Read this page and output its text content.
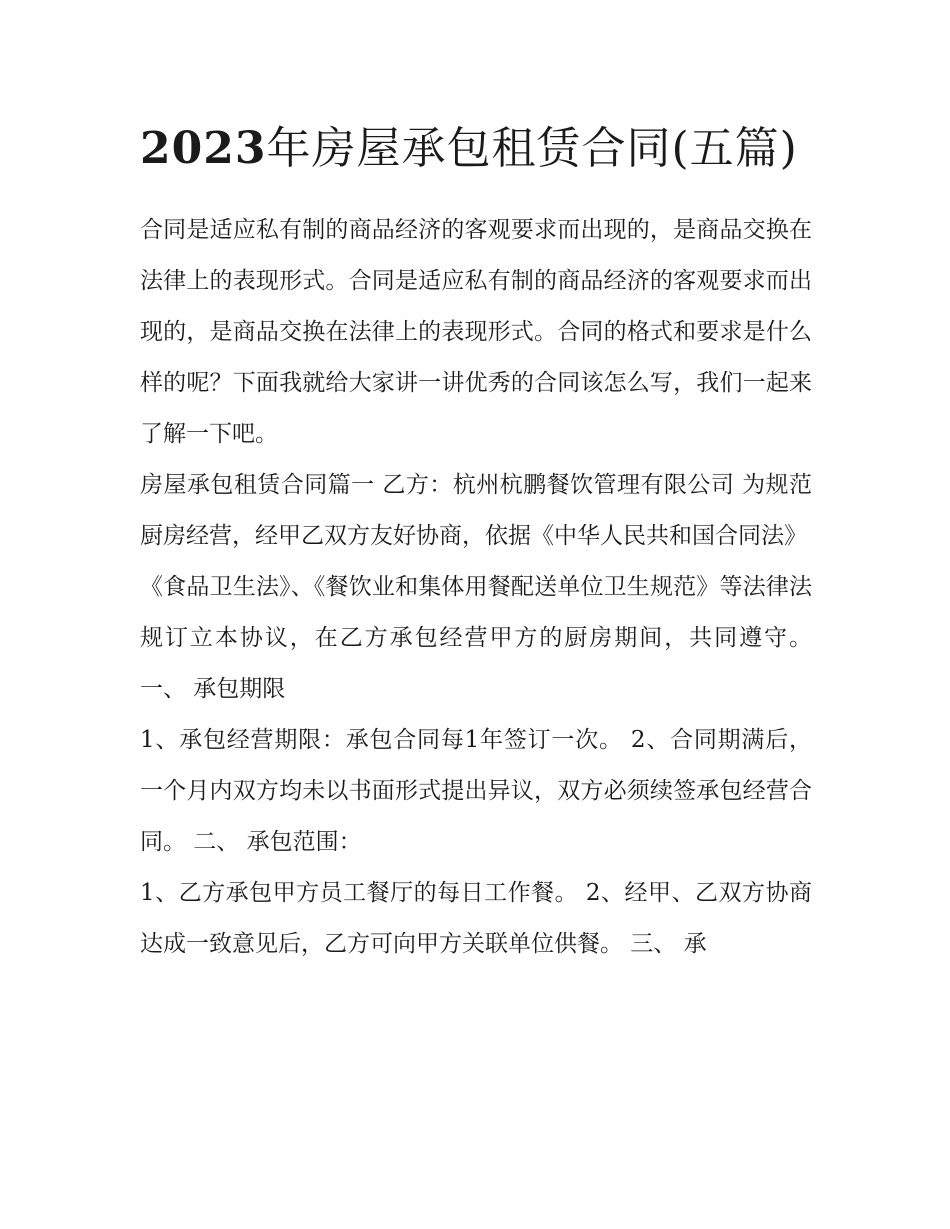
2023年房屋承包租赁合同(五篇)

合同是适应私有制的商品经济的客观要求而出现的，是商品交换在法律上的表现形式。合同是适应私有制的商品经济的客观要求而出现的，是商品交换在法律上的表现形式。合同的格式和要求是什么样的呢？下面我就给大家讲一讲优秀的合同该怎么写，我们一起来了解一下吧。

房屋承包租赁合同篇一 乙方：杭州杭鹏餐饮管理有限公司 为规范厨房经营，经甲乙双方友好协商，依据《中华人民共和国合同法》

《食品卫生法》、《餐饮业和集体用餐配送单位卫生规范》等法律法规订立本协议，在乙方承包经营甲方的厨房期间，共同遵守。 一、 承包期限

1、承包经营期限：承包合同每1年签订一次。 2、合同期满后，一个月内双方均未以书面形式提出异议，双方必须续签承包经营合同。 二、 承包范围：

1、乙方承包甲方员工餐厅的每日工作餐。 2、经甲、乙双方协商达成一致意见后，乙方可向甲方关联单位供餐。 三、 承
